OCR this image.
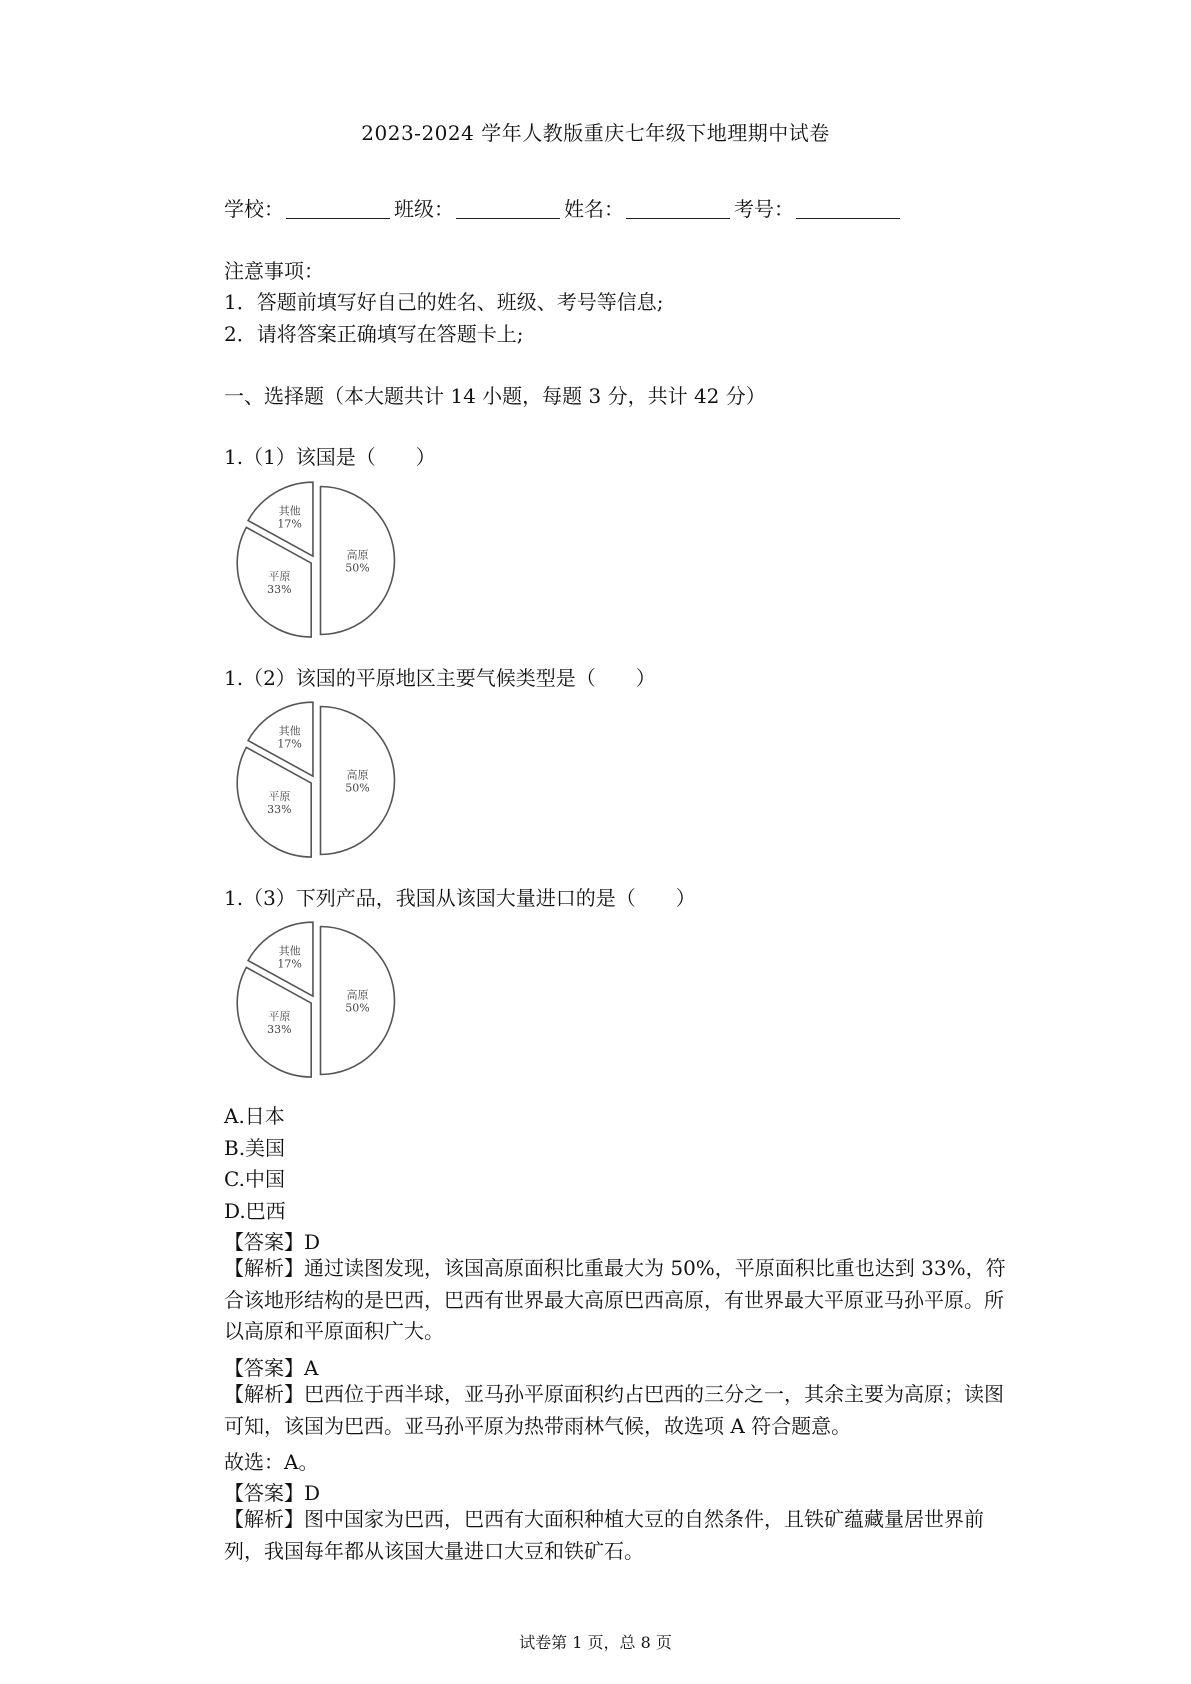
2023-2024 学年人教版重庆七年级下地理期中试卷
学校：	班级：	姓名：	考号：
注意事项：
1．答题前填写好自己的姓名、班级、考号等信息;
2．请将答案正确填写在答题卡上;
一、选择题（本大题共计 14 小题，每题 3 分，共计 42 分）
1.（1）该国是（　　）
高原
50%
平原
33%
其他
17%
1.（2）该国的平原地区主要气候类型是（　　）
高原
50%
平原
33%
其他
17%
1.（3）下列产品，我国从该国大量进口的是（　　）
高原
50%
平原
33%
其他
17%
A.日本
B.美国
C.中国
D.巴西
【答案】D
【解析】通过读图发现，该国高原面积比重最大为 50%，平原面积比重也达到 33%，符合该地形结构的是巴西，巴西有世界最大高原巴西高原，有世界最大平原亚马孙平原。所以高原和平原面积广大。
【答案】A
【解析】巴西位于西半球，亚马孙平原面积约占巴西的三分之一，其余主要为高原；读图可知，该国为巴西。亚马孙平原为热带雨林气候，故选项 A 符合题意。
故选：A。
【答案】D
【解析】图中国家为巴西，巴西有大面积种植大豆的自然条件，且铁矿蕴藏量居世界前列，我国每年都从该国大量进口大豆和铁矿石。
试卷第 1 页，总 8 页
